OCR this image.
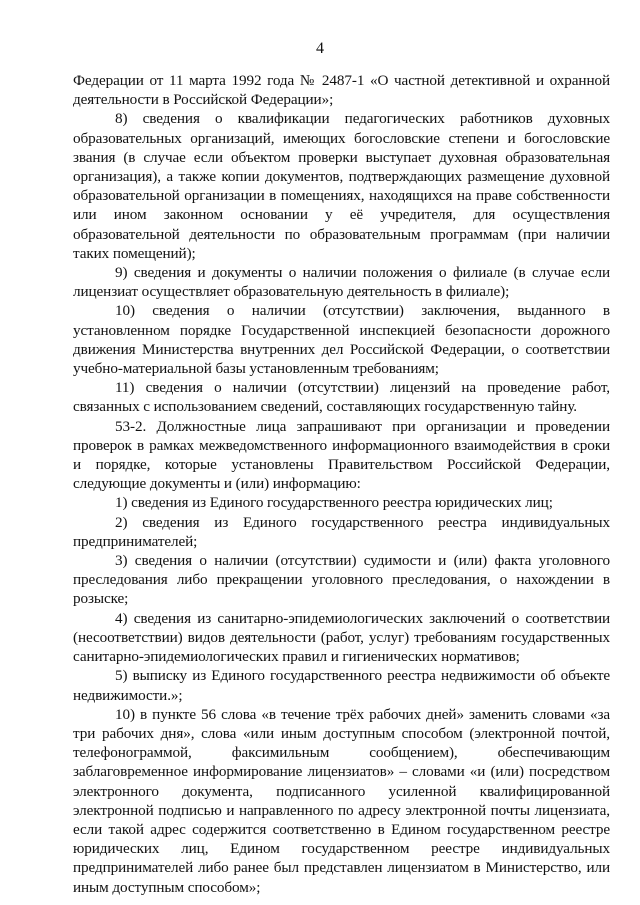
4

Федерации от 11 марта 1992 года № 2487-1 «О частной детективной и охранной деятельности в Российской Федерации»;

8) сведения о квалификации педагогических работников духовных образовательных организаций, имеющих богословские степени и богословские звания (в случае если объектом проверки выступает духовная образовательная организация), а также копии документов, подтверждающих размещение духовной образовательной организации в помещениях, находящихся на праве собственности или ином законном основании у её учредителя, для осуществления образовательной деятельности по образовательным программам (при наличии таких помещений);

9) сведения и документы о наличии положения о филиале (в случае если лицензиат осуществляет образовательную деятельность в филиале);

10) сведения о наличии (отсутствии) заключения, выданного в установленном порядке Государственной инспекцией безопасности дорожного движения Министерства внутренних дел Российской Федерации, о соответствии учебно-материальной базы установленным требованиям;

11) сведения о наличии (отсутствии) лицензий на проведение работ, связанных с использованием сведений, составляющих государственную тайну.

53-2. Должностные лица запрашивают при организации и проведении проверок в рамках межведомственного информационного взаимодействия в сроки и порядке, которые установлены Правительством Российской Федерации, следующие документы и (или) информацию:

1) сведения из Единого государственного реестра юридических лиц;

2) сведения из Единого государственного реестра индивидуальных предпринимателей;

3) сведения о наличии (отсутствии) судимости и (или) факта уголовного преследования либо прекращении уголовного преследования, о нахождении в розыске;

4) сведения из санитарно-эпидемиологических заключений о соответствии (несоответствии) видов деятельности (работ, услуг) требованиям государственных санитарно-эпидемиологических правил и гигиенических нормативов;

5) выписку из Единого государственного реестра недвижимости об объекте недвижимости.»;

10) в пункте 56 слова «в течение трёх рабочих дней» заменить словами «за три рабочих дня», слова «или иным доступным способом (электронной почтой, телефонограммой, факсимильным сообщением), обеспечивающим заблаговременное информирование лицензиатов» – словами «и (или) посредством электронного документа, подписанного усиленной квалифицированной электронной подписью и направленного по адресу электронной почты лицензиата, если такой адрес содержится соответственно в Едином государственном реестре юридических лиц, Едином государственном реестре индивидуальных предпринимателей либо ранее был представлен лицензиатом в Министерство, или иным доступным способом»;
